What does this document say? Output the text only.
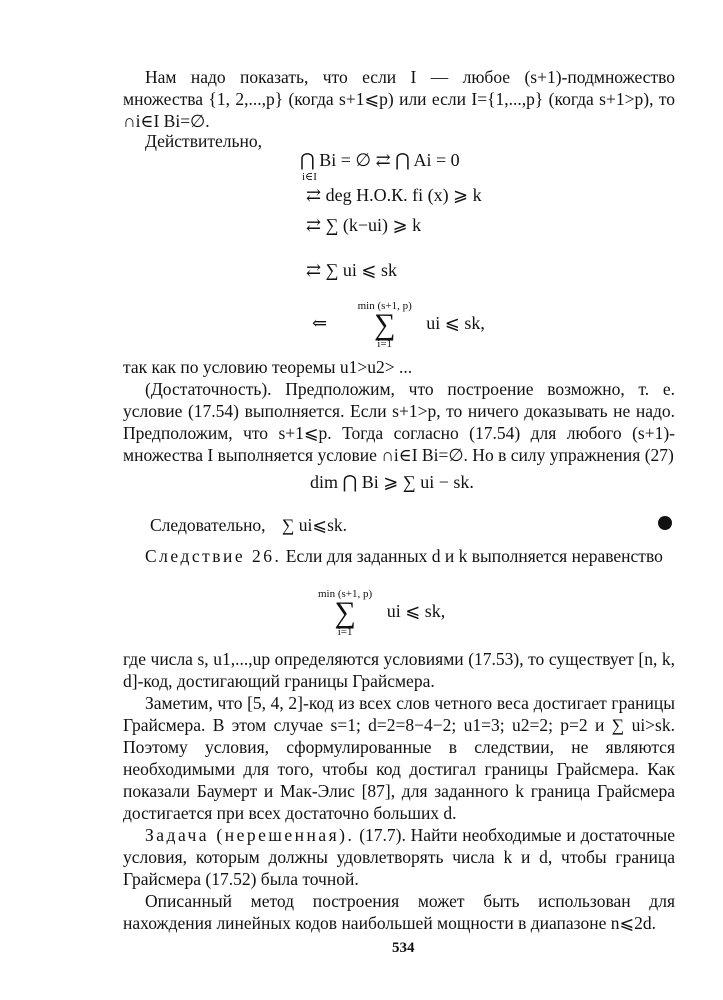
Нам надо показать, что если I — любое (s+1)-подмножество множества {1, 2,...,p} (когда s+1⩽p) или если I={1,...,p} (когда s+1>p), то ∩i∈I Bi=∅.

Действительно,

⋂ Bi = ∅ ⇄ ⋂ Ai = 0
i∈I
⇄ deg Н.О.К. fi (x) ⩾ k
⇄ ∑ (k−ui) ⩾ k
⇄ ∑ ui ⩽ sk
⇐
min (s+1, p)
∑
i=1
ui ⩽ sk,

так как по условию теоремы u1>u2> ...

(Достаточность). Предположим, что построение возможно, т. е. условие (17.54) выполняется. Если s+1>p, то ничего доказывать не надо. Предположим, что s+1⩽p. Тогда согласно (17.54) для любого (s+1)-множества I выполняется условие ∩i∈I Bi=∅. Но в силу упражнения (27)

dim ⋂ Bi ⩾ ∑ ui − sk.
Следовательно, ∑ ui⩽sk.

Следствие 26. Если для заданных d и k выполняется неравенство

min (s+1, p)
∑
i=1
ui ⩽ sk,

где числа s, u1,...,up определяются условиями (17.53), то существует [n, k, d]-код, достигающий границы Грайсмера.

Заметим, что [5, 4, 2]-код из всех слов четного веса достигает границы Грайсмера. В этом случае s=1; d=2=8−4−2; u1=3; u2=2; p=2 и ∑ ui>sk. Поэтому условия, сформулированные в следствии, не являются необходимыми для того, чтобы код достигал границы Грайсмера. Как показали Баумерт и Мак-Элис [87], для заданного k граница Грайсмера достигается при всех достаточно больших d.

Задача (нерешенная). (17.7). Найти необходимые и достаточные условия, которым должны удовлетворять числа k и d, чтобы граница Грайсмера (17.52) была точной.

Описанный метод построения может быть использован для нахождения линейных кодов наибольшей мощности в диапазоне n⩽2d.

534
